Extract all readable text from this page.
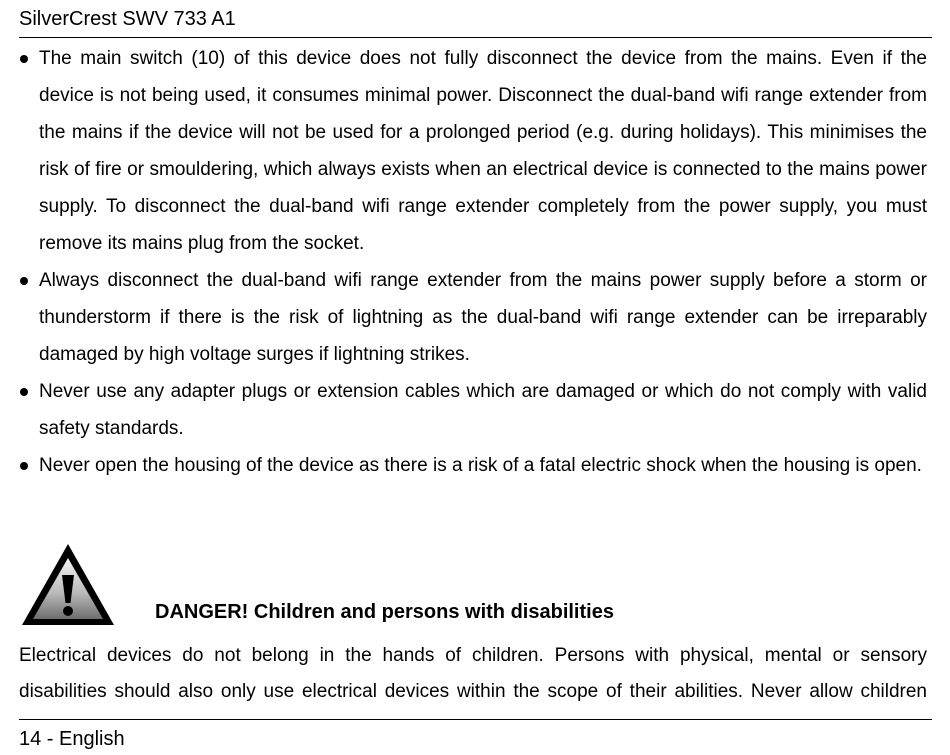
SilverCrest SWV 733 A1
The main switch (10) of this device does not fully disconnect the device from the mains. Even if the device is not being used, it consumes minimal power. Disconnect the dual-band wifi range extender from the mains if the device will not be used for a prolonged period (e.g. during holidays). This minimises the risk of fire or smouldering, which always exists when an electrical device is connected to the mains power supply. To disconnect the dual-band wifi range extender completely from the power supply, you must remove its mains plug from the socket.
Always disconnect the dual-band wifi range extender from the mains power supply before a storm or thunderstorm if there is the risk of lightning as the dual-band wifi range extender can be irreparably damaged by high voltage surges if lightning strikes.
Never use any adapter plugs or extension cables which are damaged or which do not comply with valid safety standards.
Never open the housing of the device as there is a risk of a fatal electric shock when the housing is open.
DANGER! Children and persons with disabilities

Electrical devices do not belong in the hands of children. Persons with physical, mental or sensory disabilities should also only use electrical devices within the scope of their abilities. Never allow children

14 - English
